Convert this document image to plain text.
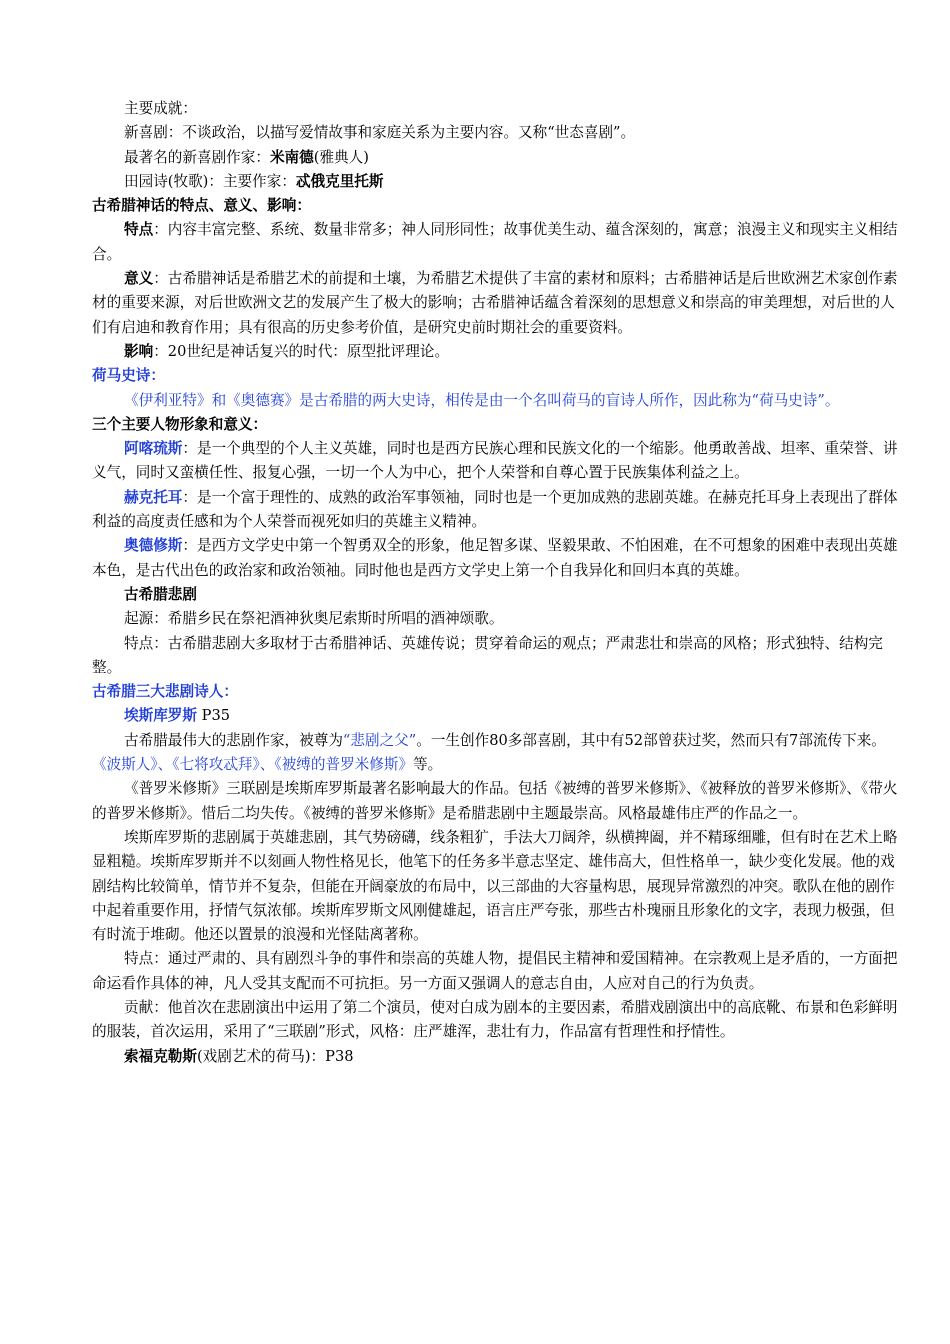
主要成就：

新喜剧：不谈政治，以描写爱情故事和家庭关系为主要内容。又称“世态喜剧”。

最著名的新喜剧作家：米南德(雅典人)

田园诗(牧歌)：主要作家：忒俄克里托斯

古希腊神话的特点、意义、影响：

特点：内容丰富完整、系统、数量非常多；神人同形同性；故事优美生动、蕴含深刻的，寓意；浪漫主义和现实主义相结合。

意义：古希腊神话是希腊艺术的前提和土壤，为希腊艺术提供了丰富的素材和原料；古希腊神话是后世欧洲艺术家创作素材的重要来源，对后世欧洲文艺的发展产生了极大的影响；古希腊神话蕴含着深刻的思想意义和崇高的审美理想，对后世的人们有启迪和教育作用；具有很高的历史参考价值，是研究史前时期社会的重要资料。

影响：20世纪是神话复兴的时代：原型批评理论。

荷马史诗：

《伊利亚特》和《奥德赛》是古希腊的两大史诗，相传是由一个名叫荷马的盲诗人所作，因此称为“荷马史诗”。

三个主要人物形象和意义：

阿喀琉斯：是一个典型的个人主义英雄，同时也是西方民族心理和民族文化的一个缩影。他勇敢善战、坦率、重荣誉、讲义气，同时又蛮横任性、报复心强，一切一个人为中心，把个人荣誉和自尊心置于民族集体利益之上。

赫克托耳：是一个富于理性的、成熟的政治军事领袖，同时也是一个更加成熟的悲剧英雄。在赫克托耳身上表现出了群体利益的高度责任感和为个人荣誉而视死如归的英雄主义精神。

奥德修斯：是西方文学史中第一个智勇双全的形象，他足智多谋、坚毅果敢、不怕困难，在不可想象的困难中表现出英雄本色，是古代出色的政治家和政治领袖。同时他也是西方文学史上第一个自我异化和回归本真的英雄。

古希腊悲剧

起源：希腊乡民在祭祀酒神狄奥尼索斯时所唱的酒神颂歌。

特点：古希腊悲剧大多取材于古希腊神话、英雄传说；贯穿着命运的观点；严肃悲壮和崇高的风格；形式独特、结构完整。

古希腊三大悲剧诗人：

埃斯库罗斯 P35

古希腊最伟大的悲剧作家，被尊为“悲剧之父”。一生创作80多部喜剧，其中有52部曾获过奖，然而只有7部流传下来。《波斯人》、《七将攻忒拜》、《被缚的普罗米修斯》等。

《普罗米修斯》三联剧是埃斯库罗斯最著名影响最大的作品。包括《被缚的普罗米修斯》、《被释放的普罗米修斯》、《带火的普罗米修斯》。惜后二均失传。《被缚的普罗米修斯》是希腊悲剧中主题最崇高。风格最雄伟庄严的作品之一。

埃斯库罗斯的悲剧属于英雄悲剧，其气势磅礴，线条粗犷，手法大刀阔斧，纵横捭阖，并不精琢细雕，但有时在艺术上略显粗糙。埃斯库罗斯并不以刻画人物性格见长，他笔下的任务多半意志坚定、雄伟高大，但性格单一，缺少变化发展。他的戏剧结构比较简单，情节并不复杂，但能在开阔豪放的布局中，以三部曲的大容量构思，展现异常激烈的冲突。歌队在他的剧作中起着重要作用，抒情气氛浓郁。埃斯库罗斯文风刚健雄起，语言庄严夸张，那些古朴瑰丽且形象化的文字，表现力极强，但有时流于堆砌。他还以置景的浪漫和光怪陆离著称。

特点：通过严肃的、具有剧烈斗争的事件和崇高的英雄人物，提倡民主精神和爱国精神。在宗教观上是矛盾的，一方面把命运看作具体的神，凡人受其支配而不可抗拒。另一方面又强调人的意志自由，人应对自己的行为负责。

贡献：他首次在悲剧演出中运用了第二个演员，使对白成为剧本的主要因素，希腊戏剧演出中的高底靴、布景和色彩鲜明的服装，首次运用，采用了“三联剧”形式，风格：庄严雄浑，悲壮有力，作品富有哲理性和抒情性。

索福克勒斯(戏剧艺术的荷马)：P38
